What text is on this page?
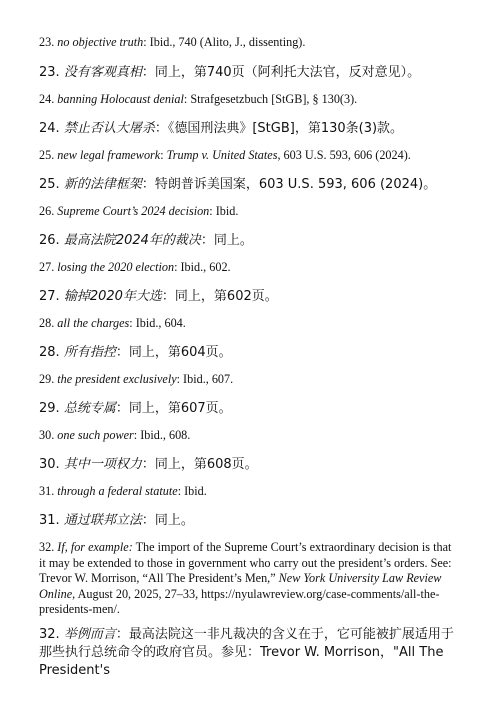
23. no objective truth: Ibid., 740 (Alito, J., dissenting).
23. 没有客观真相：同上，第740页（阿利托大法官，反对意见）。
24. banning Holocaust denial: Strafgesetzbuch [StGB], § 130(3).
24. 禁止否认大屠杀：《德国刑法典》[StGB]，第130条(3)款。
25. new legal framework: Trump v. United States, 603 U.S. 593, 606 (2024).
25. 新的法律框架：特朗普诉美国案，603 U.S. 593, 606 (2024)。
26. Supreme Court’s 2024 decision: Ibid.
26. 最高法院2024年的裁决：同上。
27. losing the 2020 election: Ibid., 602.
27. 输掉2020年大选：同上，第602页。
28. all the charges: Ibid., 604.
28. 所有指控：同上，第604页。
29. the president exclusively: Ibid., 607.
29. 总统专属：同上，第607页。
30. one such power: Ibid., 608.
30. 其中一项权力：同上，第608页。
31. through a federal statute: Ibid.
31. 通过联邦立法：同上。
32. If, for example: The import of the Supreme Court’s extraordinary decision is that it may be extended to those in government who carry out the president’s orders. See: Trevor W. Morrison, “All The President’s Men,” New York University Law Review Online, August 20, 2025, 27–33, https://nyulawreview.org/case-comments/all-the-presidents-men/.
32. 举例而言：最高法院这一非凡裁决的含义在于，它可能被扩展适用于那些执行总统命令的政府官员。参见：Trevor W. Morrison，"All The President's
